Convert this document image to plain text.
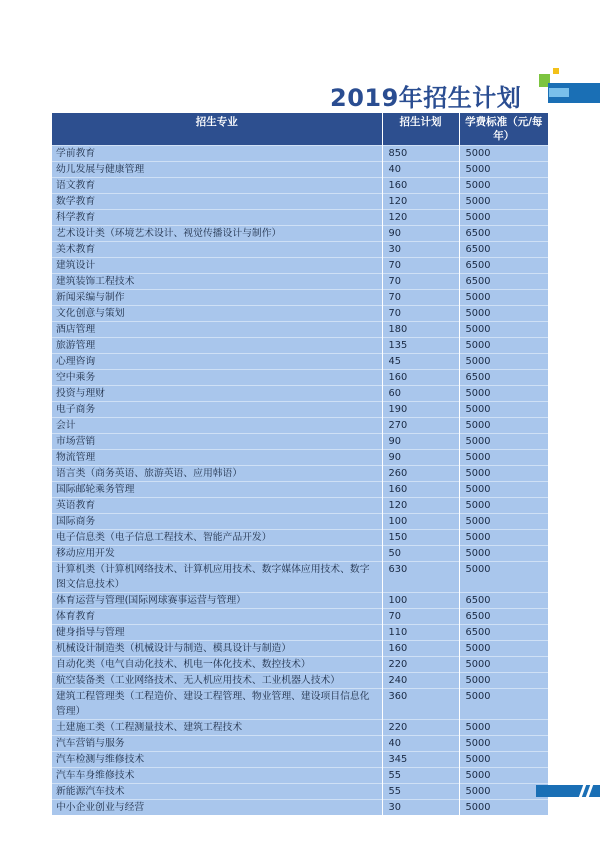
2019年招生计划
招生专业	招生计划	学费标准（元/每年）
学前教育	850	5000
幼儿发展与健康管理	40	5000
语文教育	160	5000
数学教育	120	5000
科学教育	120	5000
艺术设计类（环境艺术设计、视觉传播设计与制作）	90	6500
美术教育	30	6500
建筑设计	70	6500
建筑装饰工程技术	70	6500
新闻采编与制作	70	5000
文化创意与策划	70	5000
酒店管理	180	5000
旅游管理	135	5000
心理咨询	45	5000
空中乘务	160	6500
投资与理财	60	5000
电子商务	190	5000
会计	270	5000
市场营销	90	5000
物流管理	90	5000
语言类（商务英语、旅游英语、应用韩语）	260	5000
国际邮轮乘务管理	160	5000
英语教育	120	5000
国际商务	100	5000
电子信息类（电子信息工程技术、智能产品开发）	150	5000
移动应用开发	50	5000
计算机类（计算机网络技术、计算机应用技术、数字媒体应用技术、数字图文信息技术）	630	5000
体育运营与管理(国际网球赛事运营与管理）	100	6500
体育教育	70	6500
健身指导与管理	110	6500
机械设计制造类（机械设计与制造、模具设计与制造）	160	5000
自动化类（电气自动化技术、机电一体化技术、数控技术）	220	5000
航空装备类（工业网络技术、无人机应用技术、工业机器人技术）	240	5000
建筑工程管理类（工程造价、建设工程管理、物业管理、建设项目信息化管理）	360	5000
土建施工类（工程测量技术、建筑工程技术	220	5000
汽车营销与服务	40	5000
汽车检测与维修技术	345	5000
汽车车身维修技术	55	5000
新能源汽车技术	55	5000
中小企业创业与经营	30	5000
